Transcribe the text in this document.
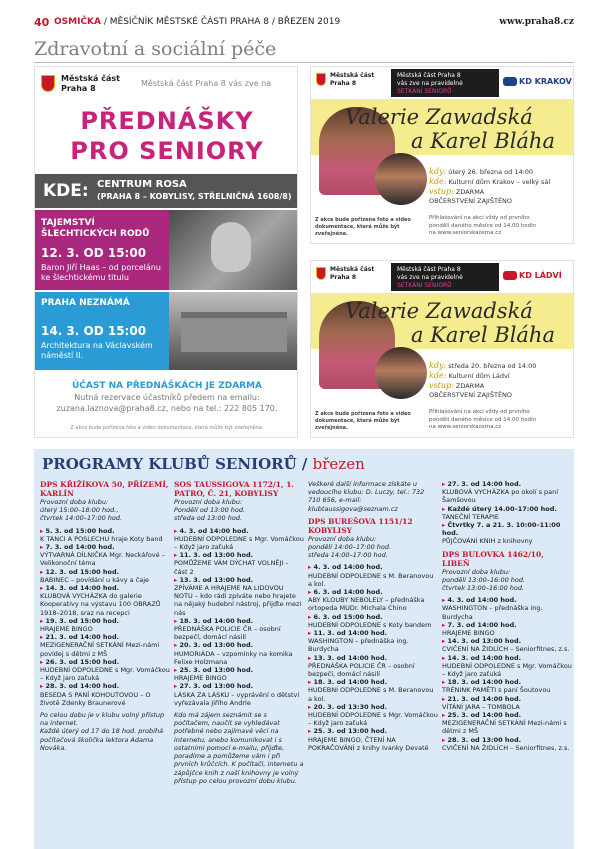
40 OSMIČKA / MĚSÍČNÍK MĚSTSKÉ ČÁSTI PRAHA 8 / BŘEZEN 2019	www.praha8.cz
Zdravotní a sociální péče
Městská část Praha 8
Městská část Praha 8 vás zve na
PŘEDNÁŠKY
PRO SENIORY
KDE: CENTRUM ROSA
(PRAHA 8 – KOBYLISY, STŘELNIČNÁ 1608/8)
TAJEMSTVÍ ŠLECHTICKÝCH RODŮ
12. 3. OD 15:00
Baron Jiří Haas – od porcelánu ke šlechtickému titulu
PRAHA NEZNÁMÁ
14. 3. OD 15:00
Architektura na Václavském náměstí II.
ÚČAST NA PŘEDNÁŠKÁCH JE ZDARMA
Nutná rezervace účastníků předem na emailu:
zuzana.laznova@praha8.cz, nebo na tel.: 222 805 170.
Z akce bude pořízena foto a video dokumentace, která může být zveřejněna.
Městská část Praha 8
Městská část Praha 8
vás zve na pravidelné
SETKÁNÍ SENIORŮ
KD KRAKOV
Valerie Zawadská
a Karel Bláha
kdy: úterý 26. března od 14:00
kde: Kulturní dům Krakov – velký sál
vstup: ZDARMA
OBČERSTVENÍ ZAJIŠTĚNO
Přihlašování na akci vždy od prvního
pondělí daného měsíce od 14.00 hodin
na www.seniorskaosma.cz
Z akce bude pořízena foto a video dokumentace, která může být zveřejněna.
Městská část Praha 8
Městská část Praha 8
vás zve na pravidelné
SETKÁNÍ SENIORŮ
KD LÁDVÍ
Valerie Zawadská
a Karel Bláha
kdy: středa 20. března od 14:00
kde: Kulturní dům Ládví
vstup: ZDARMA
OBČERSTVENÍ ZAJIŠTĚNO
Přihlašování na akci vždy od prvního
pondělí daného měsíce od 14.00 hodin
na www.seniorskaosma.cz
Z akce bude pořízena foto a video dokumentace, která může být zveřejněna.
PROGRAMY KLUBŮ SENIORŮ / březen
DPS KŘIŽÍKOVA 50, PŘÍZEMÍ, KARLÍN
Provozní doba klubu:
úterý 15:00–18:00 hod.,
čtvrtek 14:00–17:00 hod.
▸ 5. 3. od 15:00 hod.
K TANCI A POSLECHU hraje Koty band
▸ 7. 3. od 14:00 hod.
VÝTVARNÁ DÍLNIČKA Mgr. Neckářové – Velikonoční téma
▸ 12. 3. od 15:00 hod.
BABINEC – povídání u kávy a čaje
▸ 14. 3. od 14:00 hod.
KLUBOVÁ VYCHÁZKA do galerie Kooperativy na výstavu 100 OBRAZŮ 1918–2018, sraz na recepci
▸ 19. 3. od 15:00 hod.
HRAJEME BINGO
▸ 21. 3. od 14:00 hod.
MEZIGENERAČNÍ SETKÁNÍ Mezi-námi povídej s dětmi z MŠ
▸ 26. 3. od 15:00 hod.
HUDEBNÍ ODPOLEDNE s Mgr. Vomáčkou – Když jaro zaťuká
▸ 28. 3. od 14:00 hod.
BESEDA S PANÍ KOHOUTOVOU – O životě Zdenky Braunerové
Po celou dobu je v klubu volný přístup na internet.
Každé úterý od 17 do 18 hod. probíhá počítačová školička lektora Adama Nováka.
SOS TAUSSIGOVA 1172/1, 1. PATRO, Č. 21, KOBYLISY
Provozní doba klubu:
Pondělí od 13:00 hod.
středa od 13:00 hod.
▸ 4. 3. od 14:00 hod.
HUDEBNÍ ODPOLEDNE s Mgr. Vomáčkou – Když jaro zaťuká
▸ 11. 3. od 13:00 hod.
POMŮŽEME VÁM DÝCHAT VOLNĚJI – část 2
▸ 13. 3. od 13:00 hod.
ZPÍVÁME A HRAJEME NA LIDOVOU NOTU – kdo rádi zpíváte nebo hrajete na nějaký hudební nástroj, přijďte mezi nás
▸ 18. 3. od 14:00 hod.
PŘEDNÁŠKA POLICIE ČR – osobní bezpečí, domácí násilí
▸ 20. 3. od 13:00 hod.
HUMORIÁDA – vzpomínky na komika Felixe Holzmana
▸ 25. 3. od 13:00 hod.
HRAJEME BINGO
▸ 27. 3. od 13:00 hod.
LÁSKA ZA LÁSKU – vyprávění o dětství vyřezávala Jiřího Andrle
Kdo má zájem seznámit se s počítačem, naučit se vyhledávat potřebné nebo zajímavé věci na internetu, anebo komunikovat i s ostatními pomocí e-mailu, přijďte, poradíme a pomůžeme vám i při prvních krůčcích. K počítači, internetu a zápůjčce knih z naší knihovny je volný přístup po celou provozní dobu klubu.
Veškeré další informace získáte u vedoucího klubu: D. Luczy, tel.: 732 710 656, e-mail: klubtaussigova@seznam.cz
DPS BUREŠOVA 1151/12 KOBYLISY
Provozní doba klubu:
pondělí 14:00–17:00 hod.
středa 14:00–17:00 hod.
▸ 4. 3. od 14:00 hod.
HUDEBNÍ ODPOLEDNE s M. Beranovou a kol.
▸ 6. 3. od 14:00 hod.
ABY KLOUBY NEBOLELY – přednáška ortopeda MUDr. Michala Chino
▸ 6. 3. od 15:00 hod.
HUDEBNÍ ODPOLEDNE s Koty bandem
▸ 11. 3. od 14:00 hod.
WASHINGTON – přednáška ing. Burdycha
▸ 13. 3. od 14:00 hod.
PŘEDNÁŠKA POLICIE ČR – osobní bezpečí, domácí násilí
▸ 18. 3. od 14:00 hod.
HUDEBNÍ ODPOLEDNE s M. Beranovou a kol.
▸ 20. 3. od 13:30 hod.
HUDEBNÍ ODPOLEDNE s Mgr. Vomáčkou – Když jaro zaťuká
▸ 25. 3. od 13:00 hod.
HRAJEME BINGO, ČTENÍ NA POKRAČOVÁNÍ z knihy Ivanky Devaté
▸ 27. 3. od 14:00 hod.
KLUBOVÁ VYCHÁZKA po okolí s paní Šamšovou
▸ Každé úterý 14.00–17:00 hod.
TANEČNÍ TERAPIE
▸ Čtvrtky 7. a 21. 3. 10:00–11:00 hod.
PŮJČOVÁNÍ KNIH z knihovny
DPS BULOVKA 1462/10, LIBEŇ
Provozní doba klubu:
pondělí 13:00–16:00 hod.
čtvrtek 13:00–16:00 hod.
▸ 4. 3. od 14:00 hod.
WASHINGTON – přednáška ing. Burdycha
▸ 7. 3. od 14:00 hod.
HRAJEME BINGO
▸ 14. 3. od 13:00 hod.
CVIČENÍ NA ŽIDLÍCH – Seniorfitnes, z.s.
▸ 14. 3. od 14:00 hod.
HUDEBNÍ ODPOLEDNE s Mgr. Vomáčkou – Když jaro zaťuká
▸ 18. 3. od 14:00 hod.
TRÉNINK PAMĚTI s paní Šoutovou
▸ 21. 3. od 14:00 hod.
VÍTÁNÍ JARA – TOMBOLA
▸ 25. 3. od 14:00 hod.
MEZIGENERAČNÍ SETKÁNÍ Mezi-námi s dětmi z MŠ
▸ 28. 3. od 13:00 hod.
CVIČENÍ NA ŽIDLÍCH – Seniorfitnes, z.s.
